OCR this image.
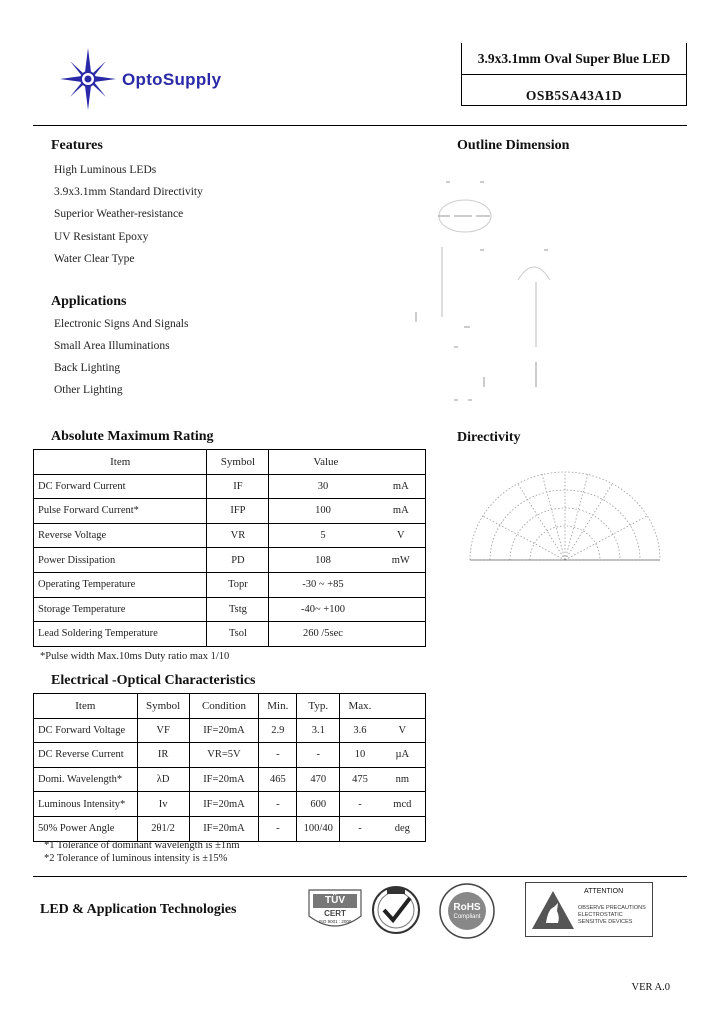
OptoSupply
3.9x3.1mm Oval Super Blue LED
OSB5SA43A1D
Features
High Luminous LEDs
3.9x3.1mm Standard Directivity
Superior Weather-resistance
UV Resistant Epoxy
Water Clear Type
Applications
Electronic Signs And Signals
Small Area Illuminations
Back Lighting
Other Lighting
Outline Dimension
Directivity
Absolute Maximum Rating
Item	Symbol	Value	
DC Forward Current	IF	30	mA
Pulse Forward Current*	IFP	100	mA
Reverse Voltage	VR	5	V
Power Dissipation	PD	108	mW
Operating Temperature	Topr	-30 ~ +85	
Storage Temperature	Tstg	-40~ +100	
Lead Soldering Temperature	Tsol	260 /5sec	
*Pulse width Max.10ms Duty ratio max 1/10
Electrical -Optical Characteristics
Item	Symbol	Condition	Min.	Typ.	Max.	
DC Forward Voltage	VF	IF=20mA	2.9	3.1	3.6	V
DC Reverse Current	IR	VR=5V	-	-	10	µA
Domi. Wavelength*	λD	IF=20mA	465	470	475	nm
Luminous Intensity*	Iv	IF=20mA	-	600	-	mcd
50% Power Angle	2θ1/2	IF=20mA	-	100/40	-	deg
*1 Tolerance of dominant wavelength is ±1nm
*2 Tolerance of luminous intensity is ±15%
LED & Application Technologies
TÜV
CERT
ISO 9001 : 2000
RoHS
Compliant
ATTENTION
OBSERVE PRECAUTIONS
ELECTROSTATIC
SENSITIVE DEVICES
VER A.0
